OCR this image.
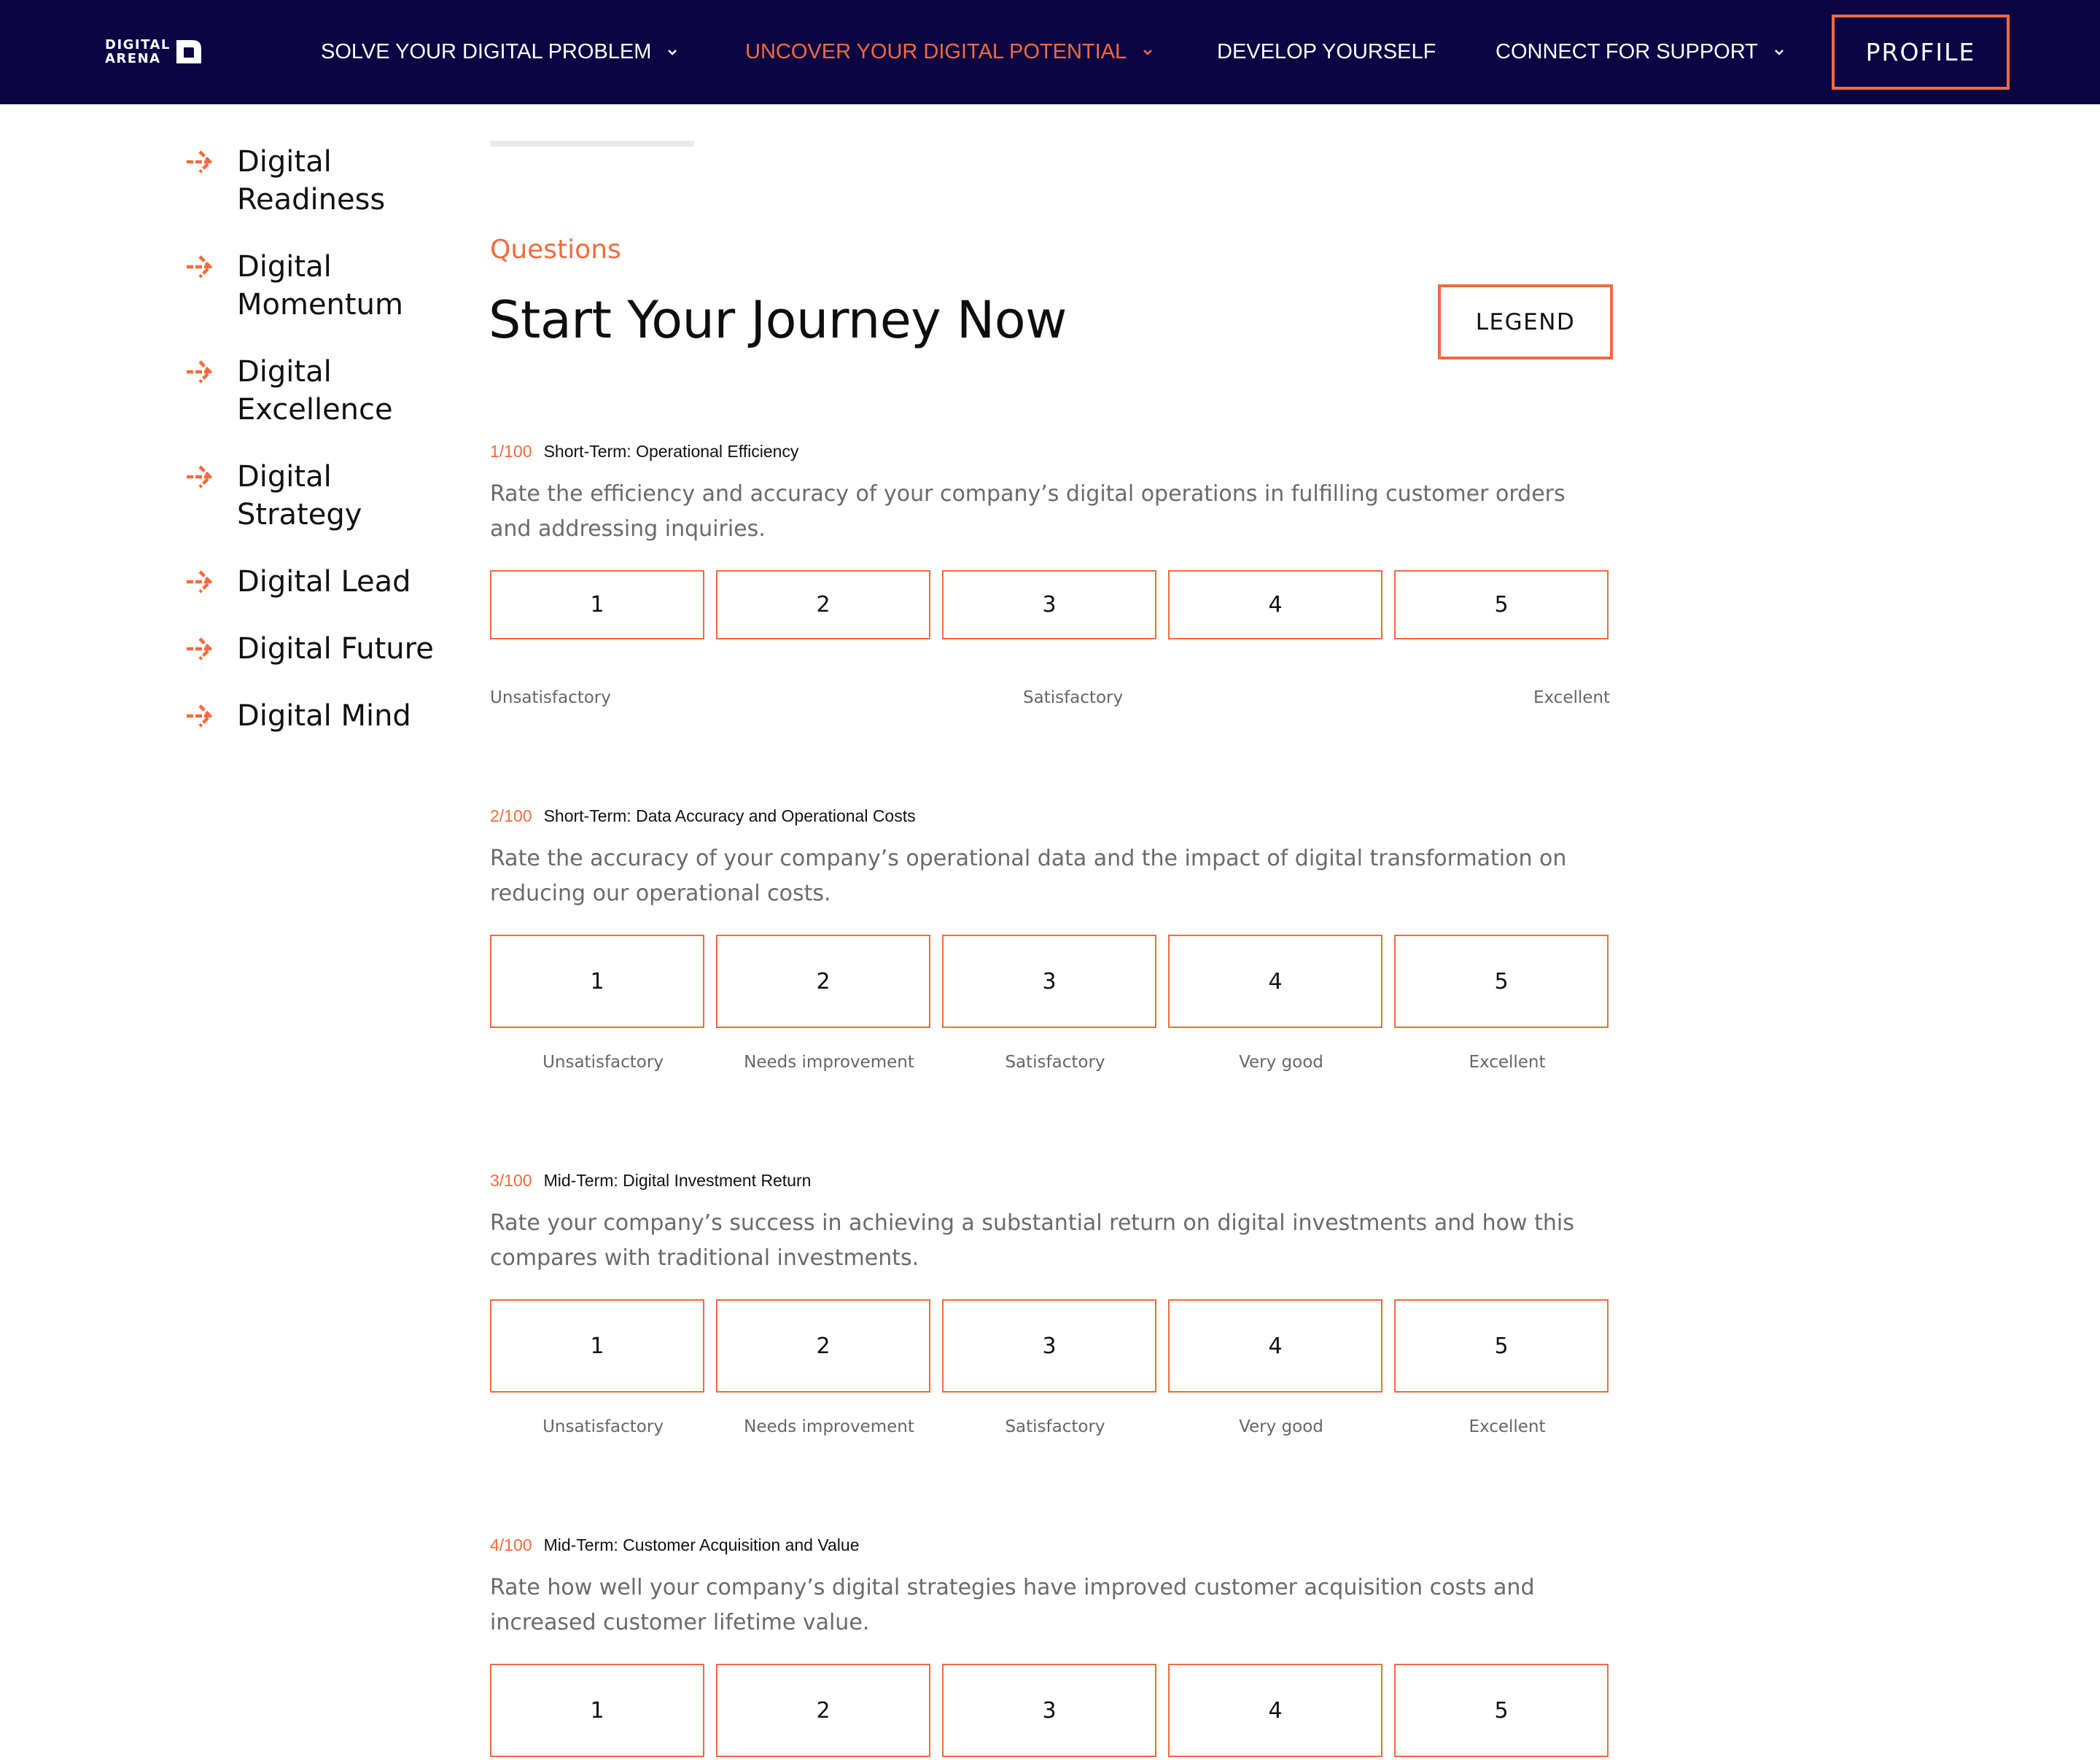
DIGITAL
ARENA	SOLVE YOUR DIGITAL PROBLEM	UNCOVER YOUR DIGITAL POTENTIAL	DEVELOP YOURSELF	CONNECT FOR SUPPORT	PROFILE
Digital Readiness
Digital Momentum
Digital Excellence
Digital Strategy
Digital Lead
Digital Future
Digital Mind
Questions
Start Your Journey Now	LEGEND
1/100 Short-Term: Operational Efficiency
Rate the efficiency and accuracy of your company’s digital operations in fulfilling customer orders and addressing inquiries.
1	2	3	4	5
Unsatisfactory	Satisfactory	Excellent
2/100 Short-Term: Data Accuracy and Operational Costs
Rate the accuracy of your company’s operational data and the impact of digital transformation on reducing our operational costs.
1	2	3	4	5
Unsatisfactory	Needs improvement	Satisfactory	Very good	Excellent
3/100 Mid-Term: Digital Investment Return
Rate your company’s success in achieving a substantial return on digital investments and how this compares with traditional investments.
1	2	3	4	5
Unsatisfactory	Needs improvement	Satisfactory	Very good	Excellent
4/100 Mid-Term: Customer Acquisition and Value
Rate how well your company’s digital strategies have improved customer acquisition costs and increased customer lifetime value.
1	2	3	4	5
